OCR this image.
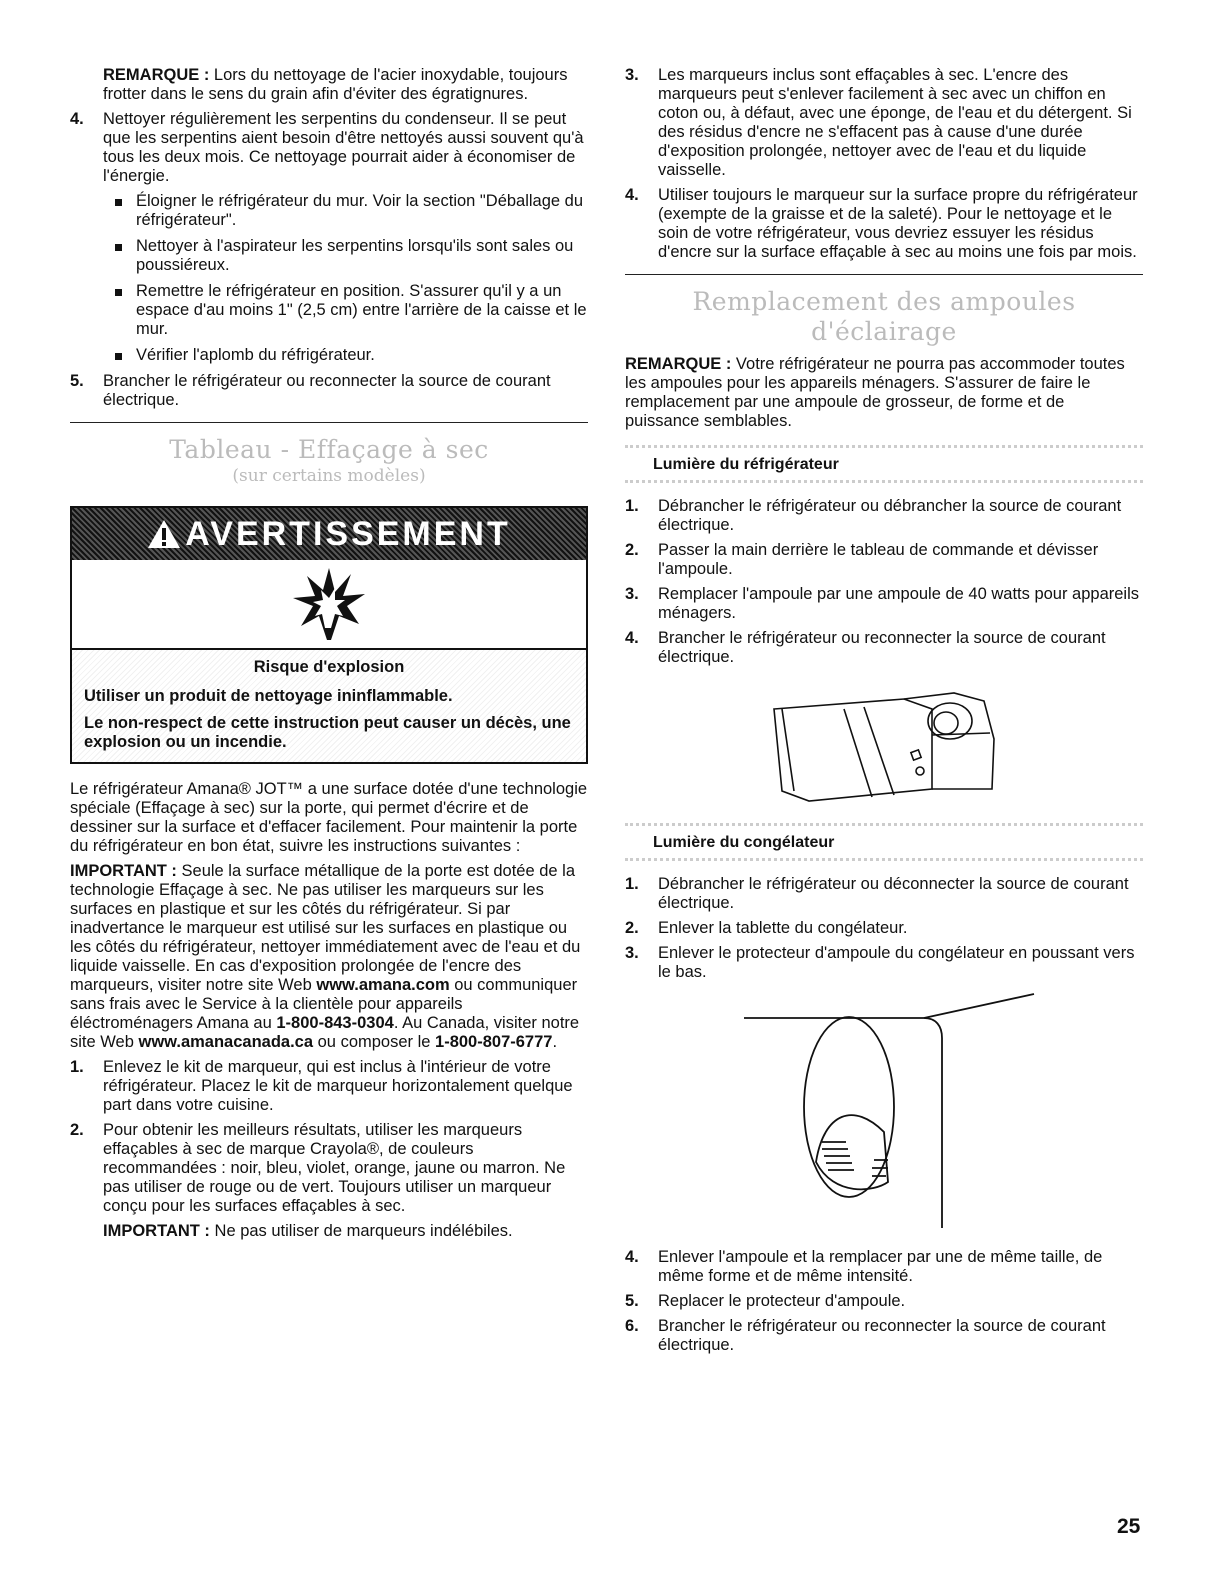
REMARQUE : Lors du nettoyage de l'acier inoxydable, toujours frotter dans le sens du grain afin d'éviter des égratignures.

4. Nettoyer régulièrement les serpentins du condenseur. Il se peut que les serpentins aient besoin d'être nettoyés aussi souvent qu'à tous les deux mois. Ce nettoyage pourrait aider à économiser de l'énergie.
Éloigner le réfrigérateur du mur. Voir la section "Déballage du réfrigérateur".
Nettoyer à l'aspirateur les serpentins lorsqu'ils sont sales ou poussiéreux.
Remettre le réfrigérateur en position. S'assurer qu'il y a un espace d'au moins 1" (2,5 cm) entre l'arrière de la caisse et le mur.
Vérifier l'aplomb du réfrigérateur.
5. Brancher le réfrigérateur ou reconnecter la source de courant électrique.
Tableau - Effaçage à sec
(sur certains modèles)
AVERTISSEMENT
Risque d'explosion
Utiliser un produit de nettoyage ininflammable.
Le non-respect de cette instruction peut causer un décès, une explosion ou un incendie.

Le réfrigérateur Amana® JOT™ a une surface dotée d'une technologie spéciale (Effaçage à sec) sur la porte, qui permet d'écrire et de dessiner sur la surface et d'effacer facilement. Pour maintenir la porte du réfrigérateur en bon état, suivre les instructions suivantes :

IMPORTANT : Seule la surface métallique de la porte est dotée de la technologie Effaçage à sec. Ne pas utiliser les marqueurs sur les surfaces en plastique et sur les côtés du réfrigérateur. Si par inadvertance le marqueur est utilisé sur les surfaces en plastique ou les côtés du réfrigérateur, nettoyer immédiatement avec de l'eau et du liquide vaisselle. En cas d'exposition prolongée de l'encre des marqueurs, visiter notre site Web www.amana.com ou communiquer sans frais avec le Service à la clientèle pour appareils éléctroménagers Amana au 1-800-843-0304. Au Canada, visiter notre site Web www.amanacanada.ca ou composer le 1-800-807-6777.

1. Enlevez le kit de marqueur, qui est inclus à l'intérieur de votre réfrigérateur. Placez le kit de marqueur horizontalement quelque part dans votre cuisine.
2. Pour obtenir les meilleurs résultats, utiliser les marqueurs effaçables à sec de marque Crayola®, de couleurs recommandées : noir, bleu, violet, orange, jaune ou marron. Ne pas utiliser de rouge ou de vert. Toujours utiliser un marqueur conçu pour les surfaces effaçables à sec.

IMPORTANT : Ne pas utiliser de marqueurs indélébiles.

3. Les marqueurs inclus sont effaçables à sec. L'encre des marqueurs peut s'enlever facilement à sec avec un chiffon en coton ou, à défaut, avec une éponge, de l'eau et du détergent. Si des résidus d'encre ne s'effacent pas à cause d'une durée d'exposition prolongée, nettoyer avec de l'eau et du liquide vaisselle.
4. Utiliser toujours le marqueur sur la surface propre du réfrigérateur (exempte de la graisse et de la saleté). Pour le nettoyage et le soin de votre réfrigérateur, vous devriez essuyer les résidus d'encre sur la surface effaçable à sec au moins une fois par mois.
Remplacement des ampoules d'éclairage

REMARQUE : Votre réfrigérateur ne pourra pas accommoder toutes les ampoules pour les appareils ménagers. S'assurer de faire le remplacement par une ampoule de grosseur, de forme et de puissance semblables.

Lumière du réfrigérateur
1. Débrancher le réfrigérateur ou débrancher la source de courant électrique.
2. Passer la main derrière le tableau de commande et dévisser l'ampoule.
3. Remplacer l'ampoule par une ampoule de 40 watts pour appareils ménagers.
4. Brancher le réfrigérateur ou reconnecter la source de courant électrique.
Lumière du congélateur
1. Débrancher le réfrigérateur ou déconnecter la source de courant électrique.
2. Enlever la tablette du congélateur.
3. Enlever le protecteur d'ampoule du congélateur en poussant vers le bas.
4. Enlever l'ampoule et la remplacer par une de même taille, de même forme et de même intensité.
5. Replacer le protecteur d'ampoule.
6. Brancher le réfrigérateur ou reconnecter la source de courant électrique.
25
